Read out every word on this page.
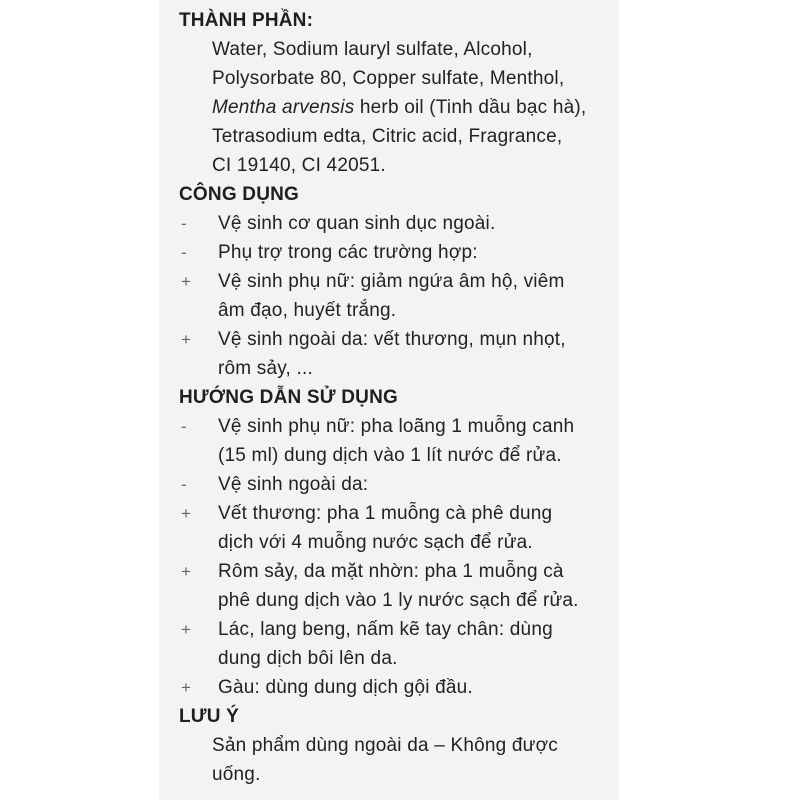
THÀNH PHẦN:
Water, Sodium lauryl sulfate, Alcohol,
Polysorbate 80, Copper sulfate, Menthol,
Mentha arvensis herb oil (Tinh dầu bạc hà),
Tetrasodium edta, Citric acid, Fragrance,
CI 19140, CI 42051.
CÔNG DỤNG
-	Vệ sinh cơ quan sinh dục ngoài.
-	Phụ trợ trong các trường hợp:
+ Vệ sinh phụ nữ: giảm ngứa âm hộ, viêm
âm đạo, huyết trắng.
+ Vệ sinh ngoài da: vết thương, mụn nhọt,
rôm sảy, ...
HƯỚNG DẪN SỬ DỤNG
-	Vệ sinh phụ nữ: pha loãng 1 muỗng canh
(15 ml) dung dịch vào 1 lít nước để rửa.
-	Vệ sinh ngoài da:
+ Vết thương: pha 1 muỗng cà phê dung
dịch với 4 muỗng nước sạch để rửa.
+ Rôm sảy, da mặt nhờn: pha 1 muỗng cà
phê dung dịch vào 1 ly nước sạch để rửa.
+ Lác, lang beng, nấm kẽ tay chân: dùng
dung dịch bôi lên da.
+ Gàu: dùng dung dịch gội đầu.
LƯU Ý
Sản phẩm dùng ngoài da – Không được
uống.
